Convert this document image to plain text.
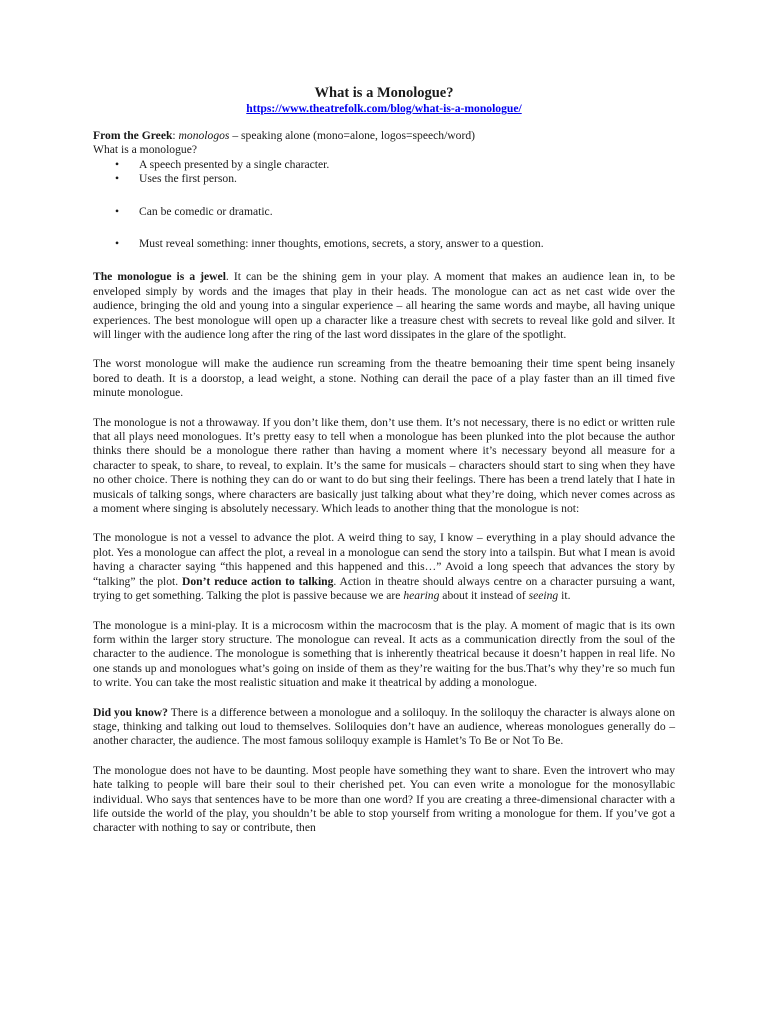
What is a Monologue?
https://www.theatrefolk.com/blog/what-is-a-monologue/

From the Greek: monologos – speaking alone (mono=alone, logos=speech/word)

What is a monologue?

• A speech presented by a single character.
• Uses the first person.
• Can be comedic or dramatic.
• Must reveal something: inner thoughts, emotions, secrets, a story, answer to a question.

The monologue is a jewel. It can be the shining gem in your play. A moment that makes an audience lean in, to be enveloped simply by words and the images that play in their heads. The monologue can act as net cast wide over the audience, bringing the old and young into a singular experience – all hearing the same words and maybe, all having unique experiences. The best monologue will open up a character like a treasure chest with secrets to reveal like gold and silver. It will linger with the audience long after the ring of the last word dissipates in the glare of the spotlight.

The worst monologue will make the audience run screaming from the theatre bemoaning their time spent being insanely bored to death. It is a doorstop, a lead weight, a stone. Nothing can derail the pace of a play faster than an ill timed five minute monologue.

The monologue is not a throwaway. If you don’t like them, don’t use them. It’s not necessary, there is no edict or written rule that all plays need monologues. It’s pretty easy to tell when a monologue has been plunked into the plot because the author thinks there should be a monologue there rather than having a moment where it’s necessary beyond all measure for a character to speak, to share, to reveal, to explain. It’s the same for musicals – characters should start to sing when they have no other choice. There is nothing they can do or want to do but sing their feelings. There has been a trend lately that I hate in musicals of talking songs, where characters are basically just talking about what they’re doing, which never comes across as a moment where singing is absolutely necessary. Which leads to another thing that the monologue is not:

The monologue is not a vessel to advance the plot. A weird thing to say, I know – everything in a play should advance the plot. Yes a monologue can affect the plot, a reveal in a monologue can send the story into a tailspin. But what I mean is avoid having a character saying “this happened and this happened and this…” Avoid a long speech that advances the story by “talking” the plot. Don’t reduce action to talking. Action in theatre should always centre on a character pursuing a want, trying to get something. Talking the plot is passive because we are hearing about it instead of seeing it.

The monologue is a mini-play. It is a microcosm within the macrocosm that is the play. A moment of magic that is its own form within the larger story structure. The monologue can reveal. It acts as a communication directly from the soul of the character to the audience. The monologue is something that is inherently theatrical because it doesn’t happen in real life. No one stands up and monologues what’s going on inside of them as they’re waiting for the bus.That’s why they’re so much fun to write. You can take the most realistic situation and make it theatrical by adding a monologue.

Did you know? There is a difference between a monologue and a soliloquy. In the soliloquy the character is always alone on stage, thinking and talking out loud to themselves. Soliloquies don’t have an audience, whereas monologues generally do – another character, the audience. The most famous soliloquy example is Hamlet’s To Be or Not To Be.

The monologue does not have to be daunting. Most people have something they want to share. Even the introvert who may hate talking to people will bare their soul to their cherished pet. You can even write a monologue for the monosyllabic individual. Who says that sentences have to be more than one word? If you are creating a three-dimensional character with a life outside the world of the play, you shouldn’t be able to stop yourself from writing a monologue for them. If you’ve got a character with nothing to say or contribute, then
